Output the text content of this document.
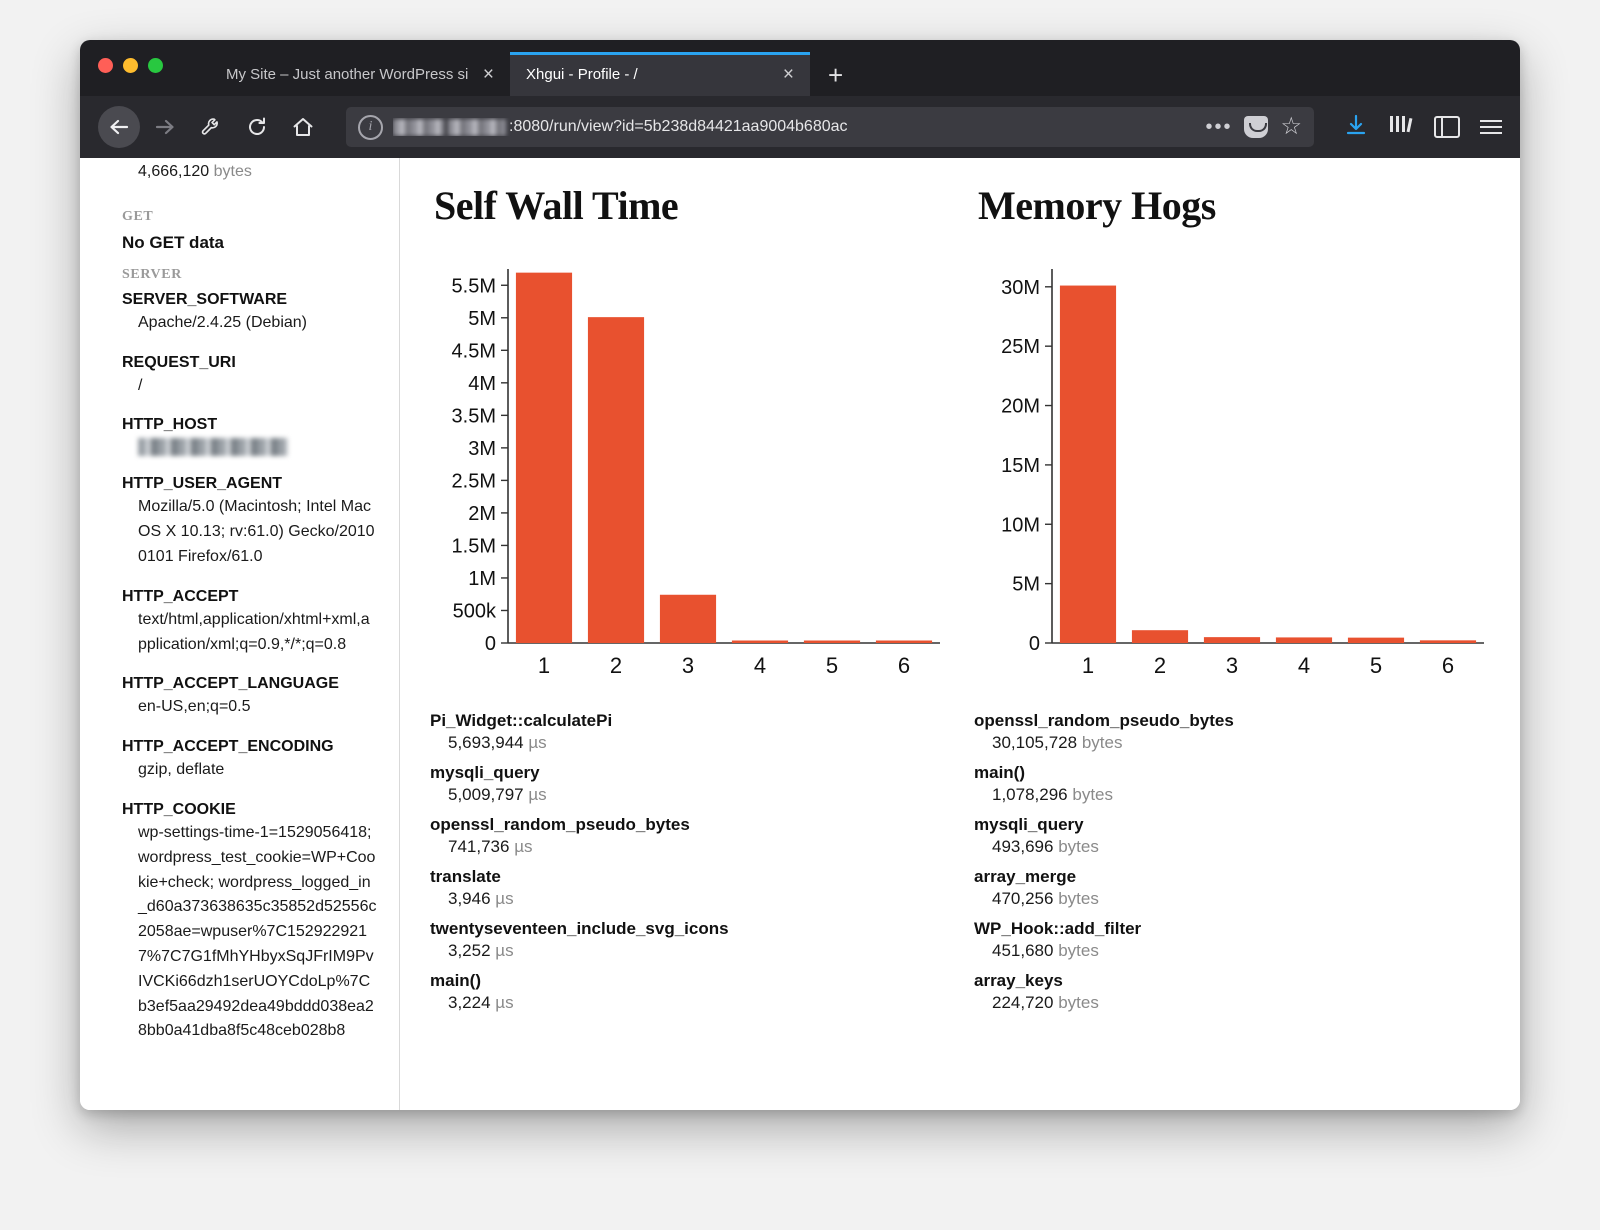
My Site – Just another WordPress si × Xhgui - Profile - /	× +
i	:8080/run/view?id=5b238d84421aa9004b680ac	••• ☆
4,666,120 bytes
GET
No GET data
SERVER
SERVER_SOFTWARE
Apache/2.4.25 (Debian)
REQUEST_URI
/
HTTP_HOST
HTTP_USER_AGENT
Mozilla/5.0 (Macintosh; Intel Mac OS X 10.13; rv:61.0) Gecko/20100101 Firefox/61.0
HTTP_ACCEPT
text/html,application/xhtml+xml,application/xml;q=0.9,*/*;q=0.8
HTTP_ACCEPT_LANGUAGE
en-US,en;q=0.5
HTTP_ACCEPT_ENCODING
gzip, deflate
HTTP_COOKIE
wp-settings-time-1=1529056418; wordpress_test_cookie=WP+Cookie+check; wordpress_logged_in_d60a373638635c35852d52556c2058ae=wpuser%7C1529229217%7C7G1fMhYHbyxSqJFrIM9PvIVCKi66dzh1serUOYCdoLp%7Cb3ef5aa29492dea49bddd038ea28bb0a41dba8f5c48ceb028b8
Self Wall Time
0
500k
1M
1.5M
2M
2.5M
3M
3.5M
4M
4.5M
5M
5.5M
1	2	3	4	5	6
Pi_Widget::calculatePi
5,693,944 µs
mysqli_query
5,009,797 µs
openssl_random_pseudo_bytes
741,736 µs
translate
3,946 µs
twentyseventeen_include_svg_icons
3,252 µs
main()
3,224 µs
Memory Hogs
0
5M
10M
15M
20M
25M
30M
1	2	3	4	5	6
openssl_random_pseudo_bytes
30,105,728 bytes
main()
1,078,296 bytes
mysqli_query
493,696 bytes
array_merge
470,256 bytes
WP_Hook::add_filter
451,680 bytes
array_keys
224,720 bytes
